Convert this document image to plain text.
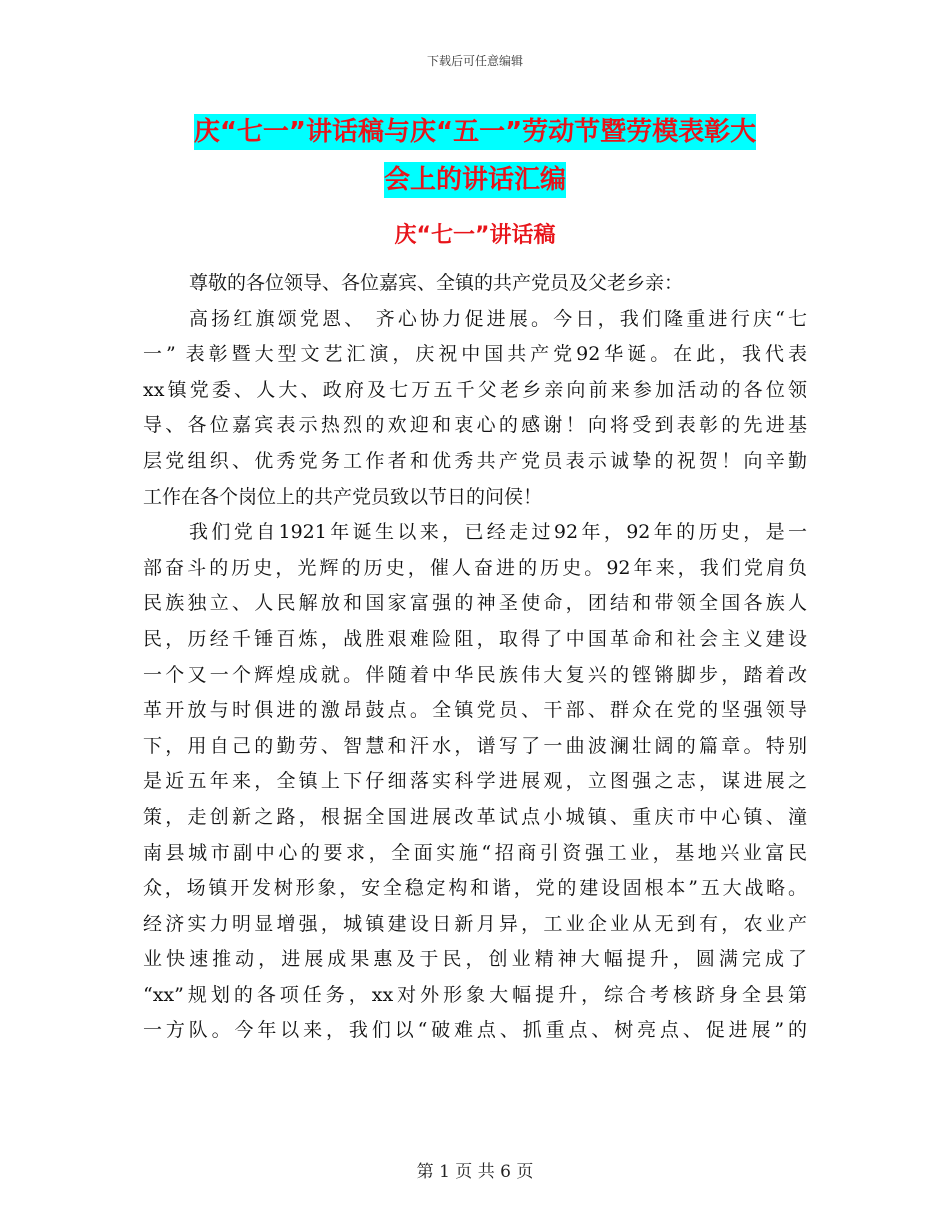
下载后可任意编辑
庆“七一”讲话稿与庆“五一”劳动节暨劳模表彰大
会上的讲话汇编
庆“七一”讲话稿
尊敬的各位领导、各位嘉宾、全镇的共产党员及父老乡亲：
高扬红旗颂党恩、 齐心协力促进展。今日，我们隆重进行庆“七
一” 表彰暨大型文艺汇演，庆祝中国共产党92华诞。在此，我代表
xx镇党委、人大、政府及七万五千父老乡亲向前来参加活动的各位领
导、各位嘉宾表示热烈的欢迎和衷心的感谢！向将受到表彰的先进基
层党组织、优秀党务工作者和优秀共产党员表示诚挚的祝贺！向辛勤
工作在各个岗位上的共产党员致以节日的问侯！
我们党自1921年诞生以来，已经走过92年，92年的历史，是一
部奋斗的历史，光辉的历史，催人奋进的历史。92年来，我们党肩负
民族独立、人民解放和国家富强的神圣使命，团结和带领全国各族人
民，历经千锤百炼，战胜艰难险阻，取得了中国革命和社会主义建设
一个又一个辉煌成就。伴随着中华民族伟大复兴的铿锵脚步，踏着改
革开放与时俱进的激昂鼓点。全镇党员、干部、群众在党的坚强领导
下，用自己的勤劳、智慧和汗水，谱写了一曲波澜壮阔的篇章。特别
是近五年来，全镇上下仔细落实科学进展观，立图强之志，谋进展之
策，走创新之路，根据全国进展改革试点小城镇、重庆市中心镇、潼
南县城市副中心的要求，全面实施“招商引资强工业，基地兴业富民
众，场镇开发树形象，安全稳定构和谐，党的建设固根本”五大战略。
经济实力明显增强，城镇建设日新月异，工业企业从无到有，农业产
业快速推动，进展成果惠及于民，创业精神大幅提升，圆满完成了
“xx”规划的各项任务，xx对外形象大幅提升，综合考核跻身全县第
一方队。今年以来，我们以“破难点、抓重点、树亮点、促进展”的
第 1 页 共 6 页
